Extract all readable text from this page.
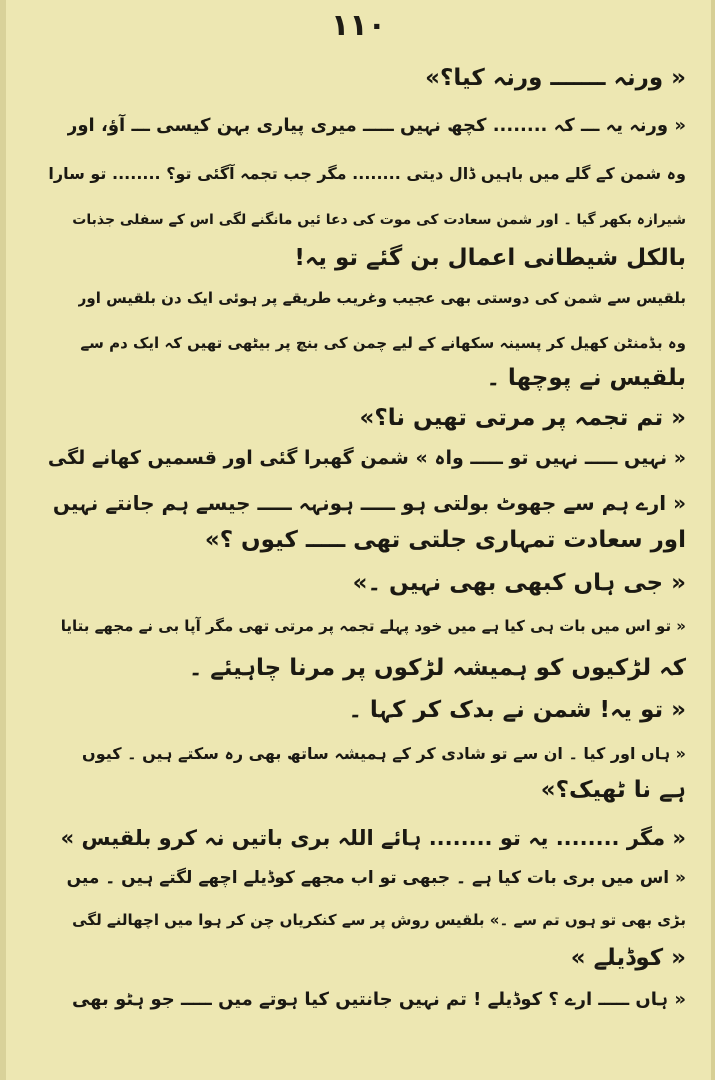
۱۱۰
« ورنہ ـــــــ ورنہ کیا؟»
« ورنہ یہ ـــ کہ ........ کچھ نہیں ـــــ میری پیاری بہن کیسی ـــ آؤ، اور
وہ شمن کے گلے میں باہیں ڈال دیتی ........ مگر جب تجمہ آگئی تو؟ ........ تو سارا
شیرازہ بکھر گیا ۔ اور شمن سعادت کی موت کی دعا ئیں مانگنے لگی اس کے سفلی جذبات
بالکل شیطانی اعمال بن گئے تو یہ!
بلقیس سے شمن کی دوستی بھی عجیب وغریب طریقے پر ہوئی ایک دن بلقیس اور
وہ بڈمنٹن کھیل کر پسینہ سکھانے کے لیے چمن کی بنچ پر بیٹھی تھیں کہ ایک دم سے
بلقیس نے پوچھا ۔
« تم تجمہ پر مرتی تھیں نا؟»
« نہیں ـــــ نہیں تو ـــــ واہ » شمن گھبرا گئی اور قسمیں کھانے لگی
« ارے ہم سے جھوٹ بولتی ہو ـــــ ہونہہ ـــــ جیسے ہم جانتے نہیں
اور سعادت تمہاری جلتی تھی ـــــ کیوں ؟»
« جی ہاں کبھی بھی نہیں ۔»
« تو اس میں بات ہی کیا ہے میں خود پہلے تجمہ پر مرتی تھی مگر آپا بی نے مجھے بتایا
کہ لڑکیوں کو ہمیشہ لڑکوں پر مرنا چاہیئے ۔
« تو یہ! شمن نے بدک کر کہا ۔
« ہاں اور کیا ۔ ان سے تو شادی کر کے ہمیشہ ساتھ بھی رہ سکتے ہیں ۔ کیوں
ہے نا ٹھیک؟»
« مگر ........ یہ تو ........ ہائے اللہ بری باتیں نہ کرو بلقیس »
« اس میں بری بات کیا ہے ۔ جبھی تو اب مجھے کوڈیلے اچھے لگتے ہیں ۔ میں
بڑی بھی تو ہوں تم سے ۔» بلقیس روش پر سے کنکریاں چن کر ہوا میں اچھالنے لگی
« کوڈیلے »
« ہاں ـــــ ارے ؟ کوڈیلے ! تم نہیں جانتیں کیا ہوتے میں ـــــ جو ہٹو بھی
